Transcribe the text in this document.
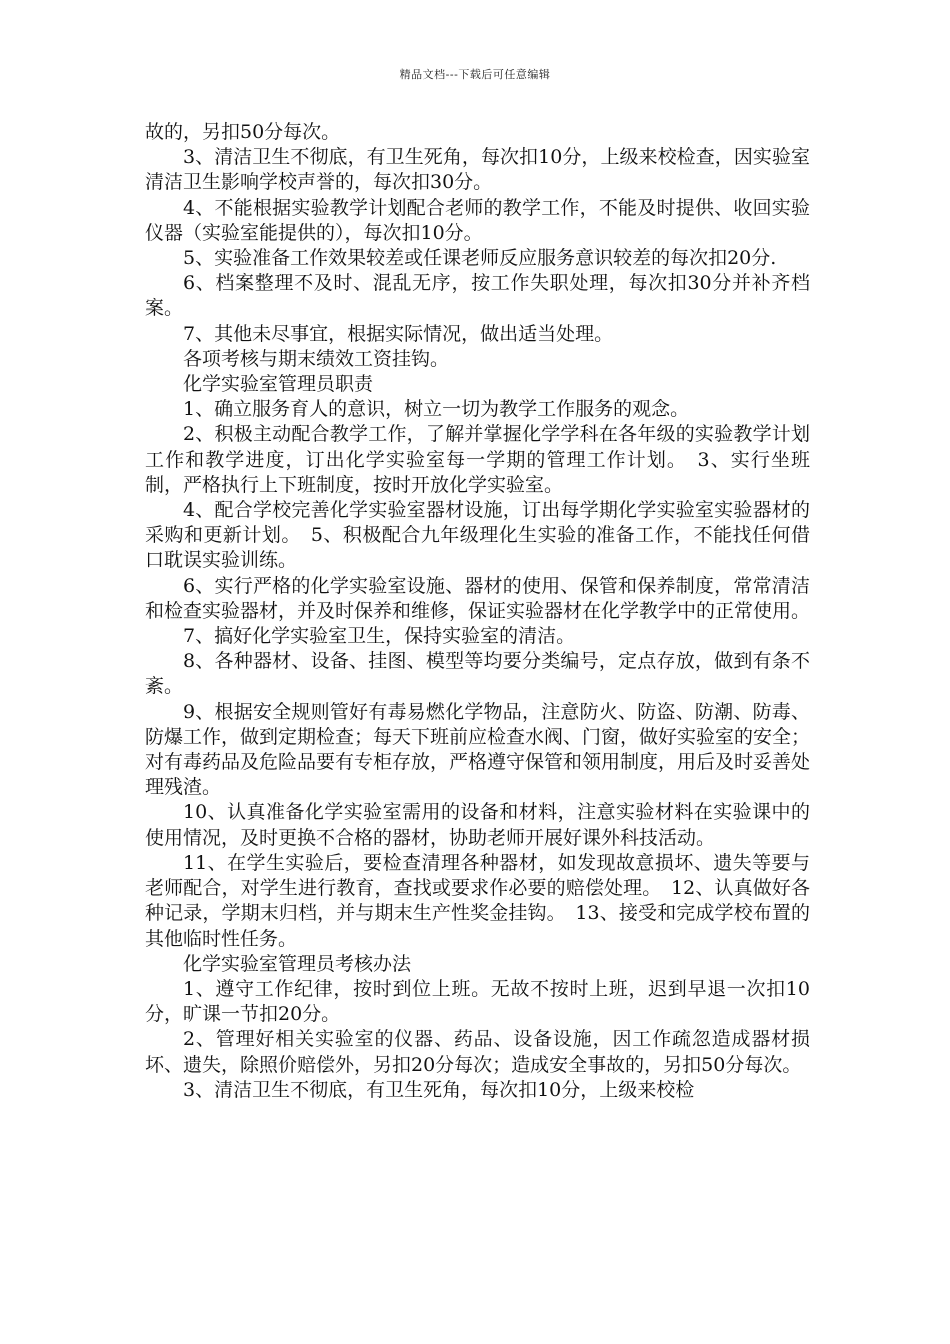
精品文档---下载后可任意编辑

故的，另扣50分每次。

3、清洁卫生不彻底，有卫生死角，每次扣10分，上级来校检查，因实验室清洁卫生影响学校声誉的，每次扣30分。

4、不能根据实验教学计划配合老师的教学工作，不能及时提供、收回实验仪器（实验室能提供的），每次扣10分。

5、实验准备工作效果较差或任课老师反应服务意识较差的每次扣20分.

6、档案整理不及时、混乱无序，按工作失职处理，每次扣30分并补齐档案。

7、其他未尽事宜，根据实际情况，做出适当处理。

各项考核与期末绩效工资挂钩。

化学实验室管理员职责

1、确立服务育人的意识，树立一切为教学工作服务的观念。

2、积极主动配合教学工作，了解并掌握化学学科在各年级的实验教学计划工作和教学进度，订出化学实验室每一学期的管理工作计划。　3、实行坐班制，严格执行上下班制度，按时开放化学实验室。

4、配合学校完善化学实验室器材设施，订出每学期化学实验室实验器材的采购和更新计划。　5、积极配合九年级理化生实验的准备工作，不能找任何借口耽误实验训练。

6、实行严格的化学实验室设施、器材的使用、保管和保养制度，常常清洁和检查实验器材，并及时保养和维修，保证实验器材在化学教学中的正常使用。

7、搞好化学实验室卫生，保持实验室的清洁。

8、各种器材、设备、挂图、模型等均要分类编号，定点存放，做到有条不紊。

9、根据安全规则管好有毒易燃化学物品，注意防火、防盗、防潮、防毒、防爆工作，做到定期检查；每天下班前应检查水阀、门窗，做好实验室的安全；对有毒药品及危险品要有专柜存放，严格遵守保管和领用制度，用后及时妥善处理残渣。

10、认真准备化学实验室需用的设备和材料，注意实验材料在实验课中的使用情况，及时更换不合格的器材，协助老师开展好课外科技活动。

11、在学生实验后，要检查清理各种器材，如发现故意损坏、遗失等要与老师配合，对学生进行教育，查找或要求作必要的赔偿处理。　12、认真做好各种记录，学期末归档，并与期末生产性奖金挂钩。　13、接受和完成学校布置的其他临时性任务。

化学实验室管理员考核办法

1、遵守工作纪律，按时到位上班。无故不按时上班，迟到早退一次扣10分，旷课一节扣20分。

2、管理好相关实验室的仪器、药品、设备设施，因工作疏忽造成器材损坏、遗失，除照价赔偿外，另扣20分每次；造成安全事故的，另扣50分每次。

3、清洁卫生不彻底，有卫生死角，每次扣10分，上级来校检
